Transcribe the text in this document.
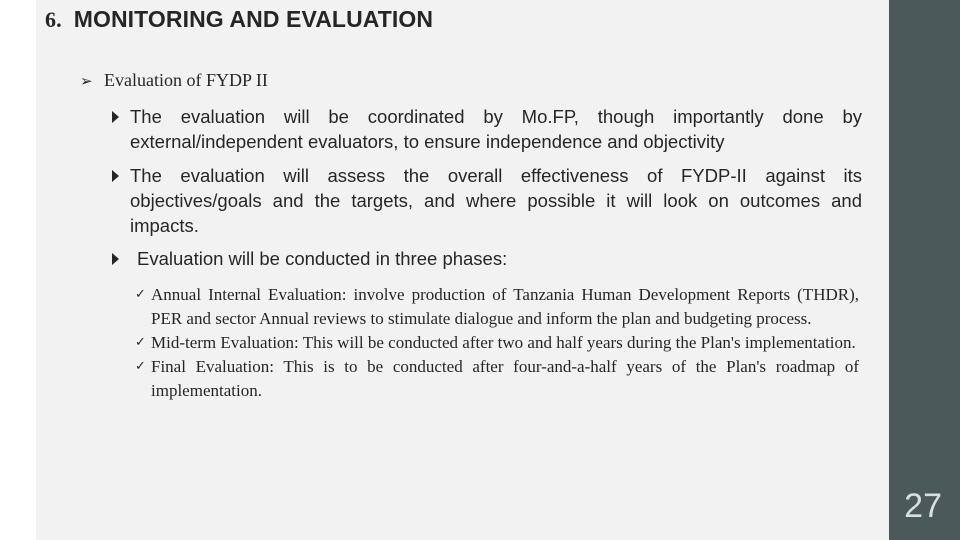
27
6. MONITORING AND EVALUATION
➢ Evaluation of FYDP II
The evaluation will be coordinated by Mo.FP, though importantly done by external/independent evaluators, to ensure independence and objectivity
The evaluation will assess the overall effectiveness of FYDP-II against its objectives/goals and the targets, and where possible it will look on outcomes and impacts.
Evaluation will be conducted in three phases:
✓ Annual Internal Evaluation: involve production of Tanzania Human Development Reports (THDR), PER and sector Annual reviews to stimulate dialogue and inform the plan and budgeting process.
✓ Mid-term Evaluation: This will be conducted after two and half years during the Plan's implementation.
✓ Final Evaluation: This is to be conducted after four-and-a-half years of the Plan's roadmap of implementation.
